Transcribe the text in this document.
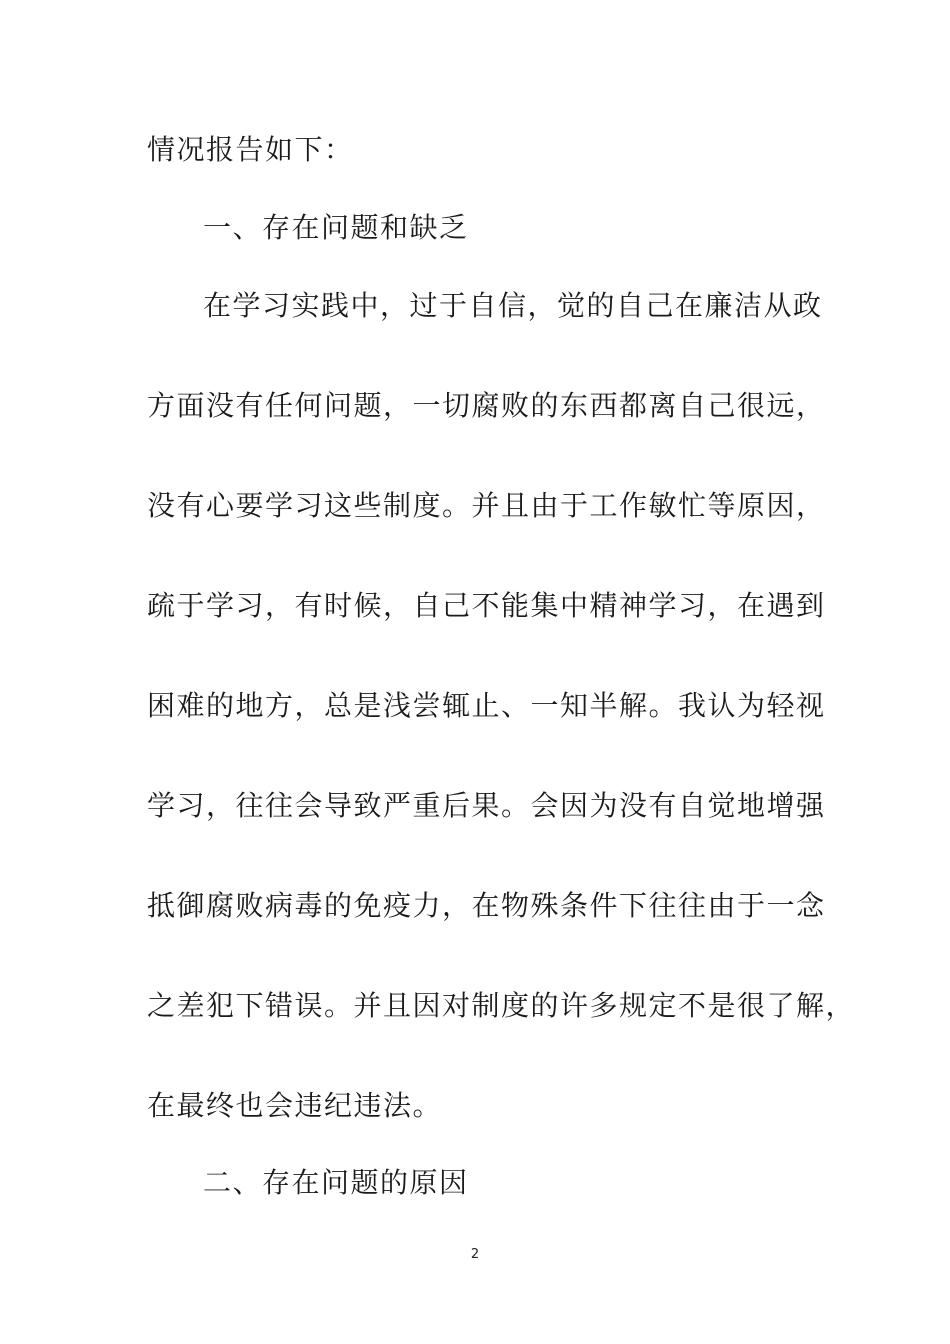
情况报告如下：
一、存在问题和缺乏
在学习实践中，过于自信，觉的自己在廉洁从政
方面没有任何问题，一切腐败的东西都离自己很远，
没有心要学习这些制度。并且由于工作敏忙等原因，
疏于学习，有时候，自己不能集中精神学习，在遇到
困难的地方，总是浅尝辄止、一知半解。我认为轻视
学习，往往会导致严重后果。会因为没有自觉地增强
抵御腐败病毒的免疫力，在物殊条件下往往由于一念
之差犯下错误。并且因对制度的许多规定不是很了解，
在最终也会违纪违法。
二、存在问题的原因
2
